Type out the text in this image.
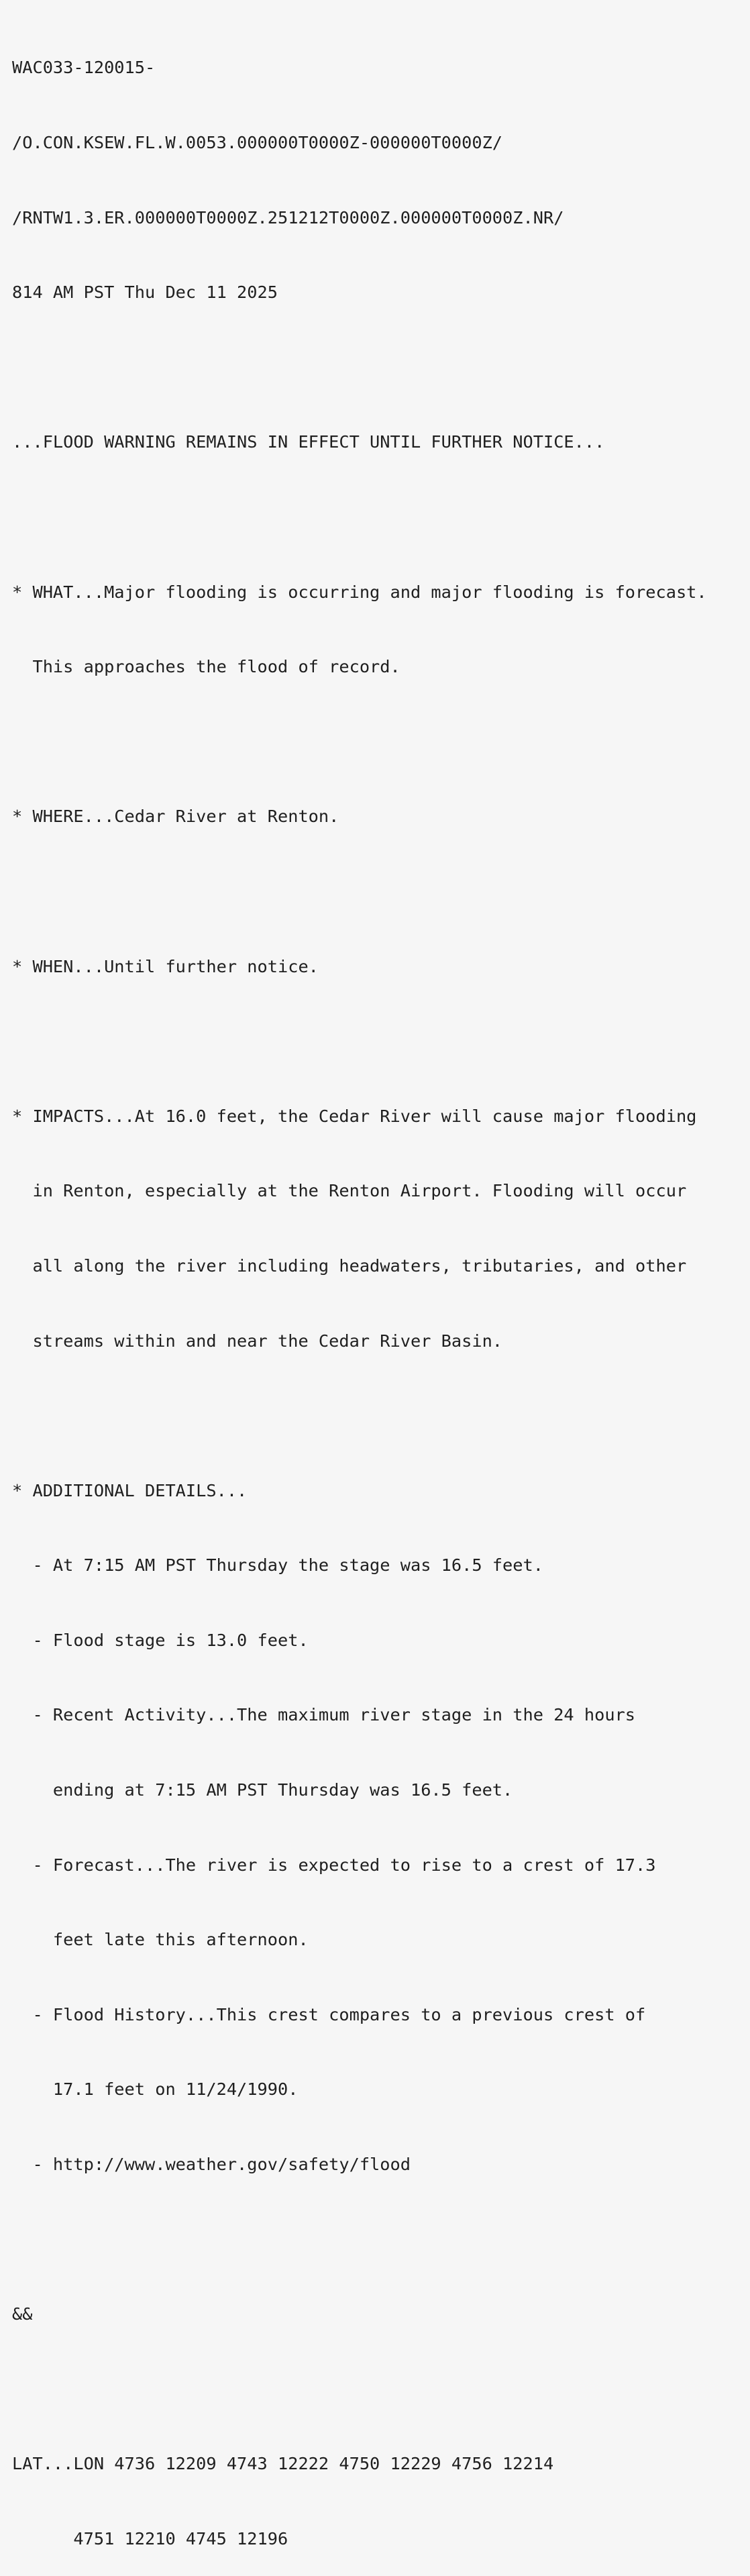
WAC033-120015-

/O.CON.KSEW.FL.W.0053.000000T0000Z-000000T0000Z/

/RNTW1.3.ER.000000T0000Z.251212T0000Z.000000T0000Z.NR/

814 AM PST Thu Dec 11 2025

...FLOOD WARNING REMAINS IN EFFECT UNTIL FURTHER NOTICE...

* WHAT...Major flooding is occurring and major flooding is forecast.

This approaches the flood of record.

* WHERE...Cedar River at Renton.

* WHEN...Until further notice.

* IMPACTS...At 16.0 feet, the Cedar River will cause major flooding

in Renton, especially at the Renton Airport. Flooding will occur

all along the river including headwaters, tributaries, and other

streams within and near the Cedar River Basin.

* ADDITIONAL DETAILS...

- At 7:15 AM PST Thursday the stage was 16.5 feet.

- Flood stage is 13.0 feet.

- Recent Activity...The maximum river stage in the 24 hours

ending at 7:15 AM PST Thursday was 16.5 feet.

- Forecast...The river is expected to rise to a crest of 17.3

feet late this afternoon.

- Flood History...This crest compares to a previous crest of

17.1 feet on 11/24/1990.

- http://www.weather.gov/safety/flood

&&

LAT...LON 4736 12209 4743 12222 4750 12229 4756 12214

4751 12210 4745 12196
